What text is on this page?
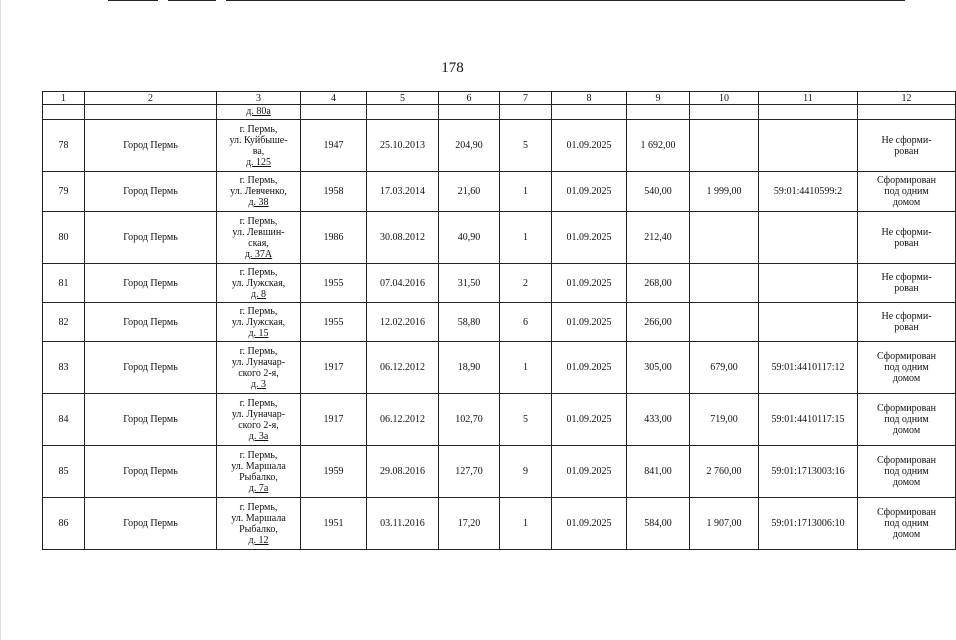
178
1	2	3	4	5	6	7	8	9	10	11	12
		д. 80а									
78	Город Пермь	г. Пермь,
ул. Куйбыше-
ва,
д. 125	1947	25.10.2013	204,90	5	01.09.2025	1 692,00			Не сформи-
рован

79	Город Пермь	г. Пермь,
ул. Левченко,
д. 38	1958	17.03.2014	21,60	1	01.09.2025	540,00	1 999,00	59:01:4410599:2	Сформирован
под одним
домом

80	Город Пермь	г. Пермь,
ул. Левшин-
ская,
д. 37А	1986	30.08.2012	40,90	1	01.09.2025	212,40			Не сформи-
рован

81	Город Пермь	г. Пермь,
ул. Лужская,
д. 8	1955	07.04.2016	31,50	2	01.09.2025	268,00			Не сформи-
рован

82	Город Пермь	г. Пермь,
ул. Лужская,
д. 15	1955	12.02.2016	58,80	6	01.09.2025	266,00			Не сформи-
рован

83	Город Пермь	г. Пермь,
ул. Луначар-
ского 2-я,
д. 3	1917	06.12.2012	18,90	1	01.09.2025	305,00	679,00	59:01:4410117:12	Сформирован
под одним
домом

84	Город Пермь	г. Пермь,
ул. Луначар-
ского 2-я,
д. 3а	1917	06.12.2012	102,70	5	01.09.2025	433,00	719,00	59:01:4410117:15	Сформирован
под одним
домом

85	Город Пермь	г. Пермь,
ул. Маршала
Рыбалко,
д. 7а	1959	29.08.2016	127,70	9	01.09.2025	841,00	2 760,00	59:01:1713003:16	Сформирован
под одним
домом

86	Город Пермь	г. Пермь,
ул. Маршала
Рыбалко,
д. 12	1951	03.11.2016	17,20	1	01.09.2025	584,00	1 907,00	59:01:1713006:10	Сформирован
под одним
домом
